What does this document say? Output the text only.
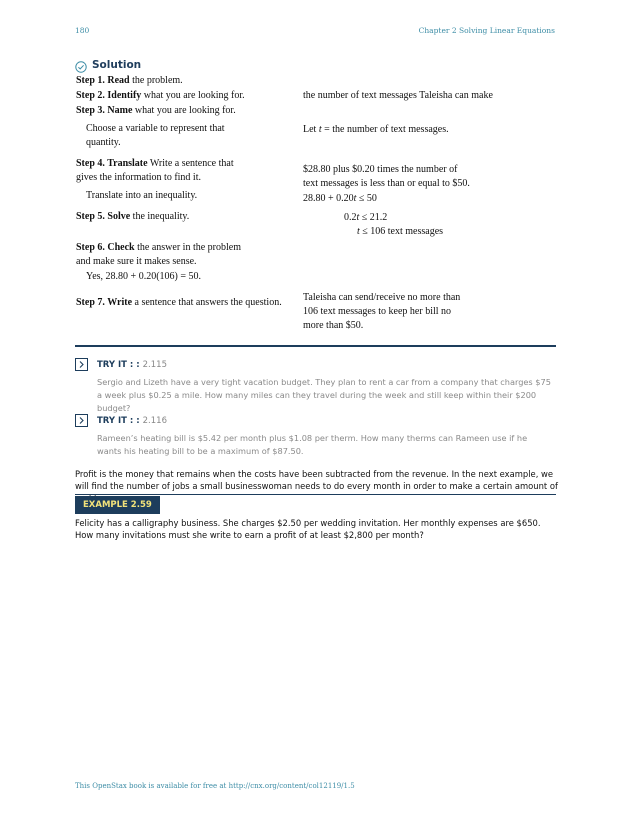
180	Chapter 2 Solving Linear Equations
Solution
Step 1. Read the problem.
Step 2. Identify what you are looking for.
Step 3. Name what you are looking for.
Choose a variable to represent that
quantity.
Step 4. Translate Write a sentence that
gives the information to find it.
Translate into an inequality.
Step 5. Solve the inequality.
Step 6. Check the answer in the problem
and make sure it makes sense.
Yes, 28.80 + 0.20(106) = 50.
Step 7. Write a sentence that answers the question.
the number of text messages Taleisha can make
Let t = the number of text messages.
$28.80 plus $0.20 times the number of
text messages is less than or equal to $50.
28.80 + 0.20t ≤ 50
0.2t ≤ 21.2
t ≤ 106 text messages
Taleisha can send/receive no more than
106 text messages to keep her bill no
more than $50.
TRY IT : : 2.115
Sergio and Lizeth have a very tight vacation budget. They plan to rent a car from a company that charges $75 a week plus $0.25 a mile. How many miles can they travel during the week and still keep within their $200 budget?
TRY IT : : 2.116
Rameen’s heating bill is $5.42 per month plus $1.08 per therm. How many therms can Rameen use if he wants his heating bill to be a maximum of $87.50.
Profit is the money that remains when the costs have been subtracted from the revenue. In the next example, we will find the number of jobs a small businesswoman needs to do every month in order to make a certain amount of
EXAMPLE 2.59
Felicity has a calligraphy business. She charges $2.50 per wedding invitation. Her monthly expenses are $650. How many invitations must she write to earn a profit of at least $2,800 per month?
This OpenStax book is available for free at http://cnx.org/content/col12119/1.5
